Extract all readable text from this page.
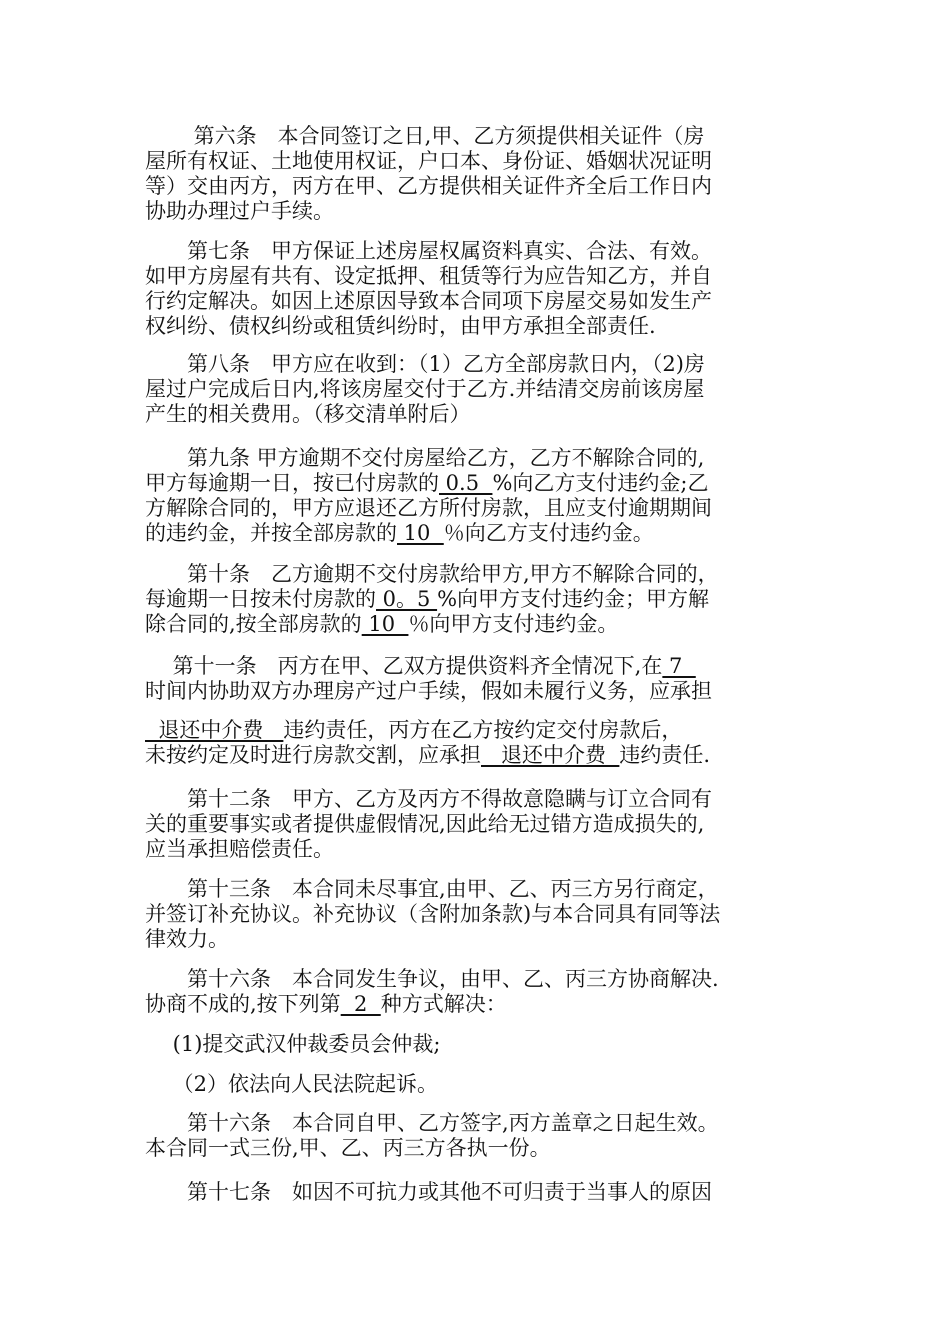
　　 第六条　本合同签订之日,甲、乙方须提供相关证件（房
屋所有权证、土地使用权证，户口本、身份证、婚姻状况证明
等）交由丙方，丙方在甲、乙方提供相关证件齐全后工作日内
协助办理过户手续。
　　第七条　甲方保证上述房屋权属资料真实、合法、有效。
如甲方房屋有共有、设定抵押、租赁等行为应告知乙方，并自
行约定解决。如因上述原因导致本合同项下房屋交易如发生产
权纠纷、债权纠纷或租赁纠纷时，由甲方承担全部责任.
　　第八条　甲方应在收到：（1）乙方全部房款日内，（2)房
屋过户完成后日内,将该房屋交付于乙方.并结清交房前该房屋
产生的相关费用。（移交清单附后）
　　第九条 甲方逾期不交付房屋给乙方，乙方不解除合同的,
甲方每逾期一日，按已付房款的 0.5  %向乙方支付违约金;乙
方解除合同的，甲方应退还乙方所付房款，且应支付逾期期间
的违约金，并按全部房款的 10  ％向乙方支付违约金。
　　第十条　乙方逾期不交付房款给甲方,甲方不解除合同的，
每逾期一日按未付房款的 0。5 %向甲方支付违约金；甲方解
除合同的,按全部房款的 10  ％向甲方支付违约金。
　 第十一条　丙方在甲、乙双方提供资料齐全情况下,在 7
时间内协助双方办理房产过户手续，假如未履行义务，应承担
退还中介费   违约责任，丙方在乙方按约定交付房款后，
未按约定及时进行房款交割，应承担   退还中介费  违约责任.
　　第十二条　甲方、乙方及丙方不得故意隐瞒与订立合同有
关的重要事实或者提供虚假情况,因此给无过错方造成损失的,
应当承担赔偿责任。
　　第十三条　本合同未尽事宜,由甲、乙、丙三方另行商定，
并签订补充协议。补充协议（含附加条款)与本合同具有同等法
律效力。
　　第十六条　本合同发生争议，由甲、乙、丙三方协商解决.
协商不成的,按下列第  2  种方式解决：
　 (1)提交武汉仲裁委员会仲裁;
　 （2）依法向人民法院起诉。
　　第十六条　本合同自甲、乙方签字,丙方盖章之日起生效。
本合同一式三份,甲、乙、丙三方各执一份。
　　第十七条　如因不可抗力或其他不可归责于当事人的原因
